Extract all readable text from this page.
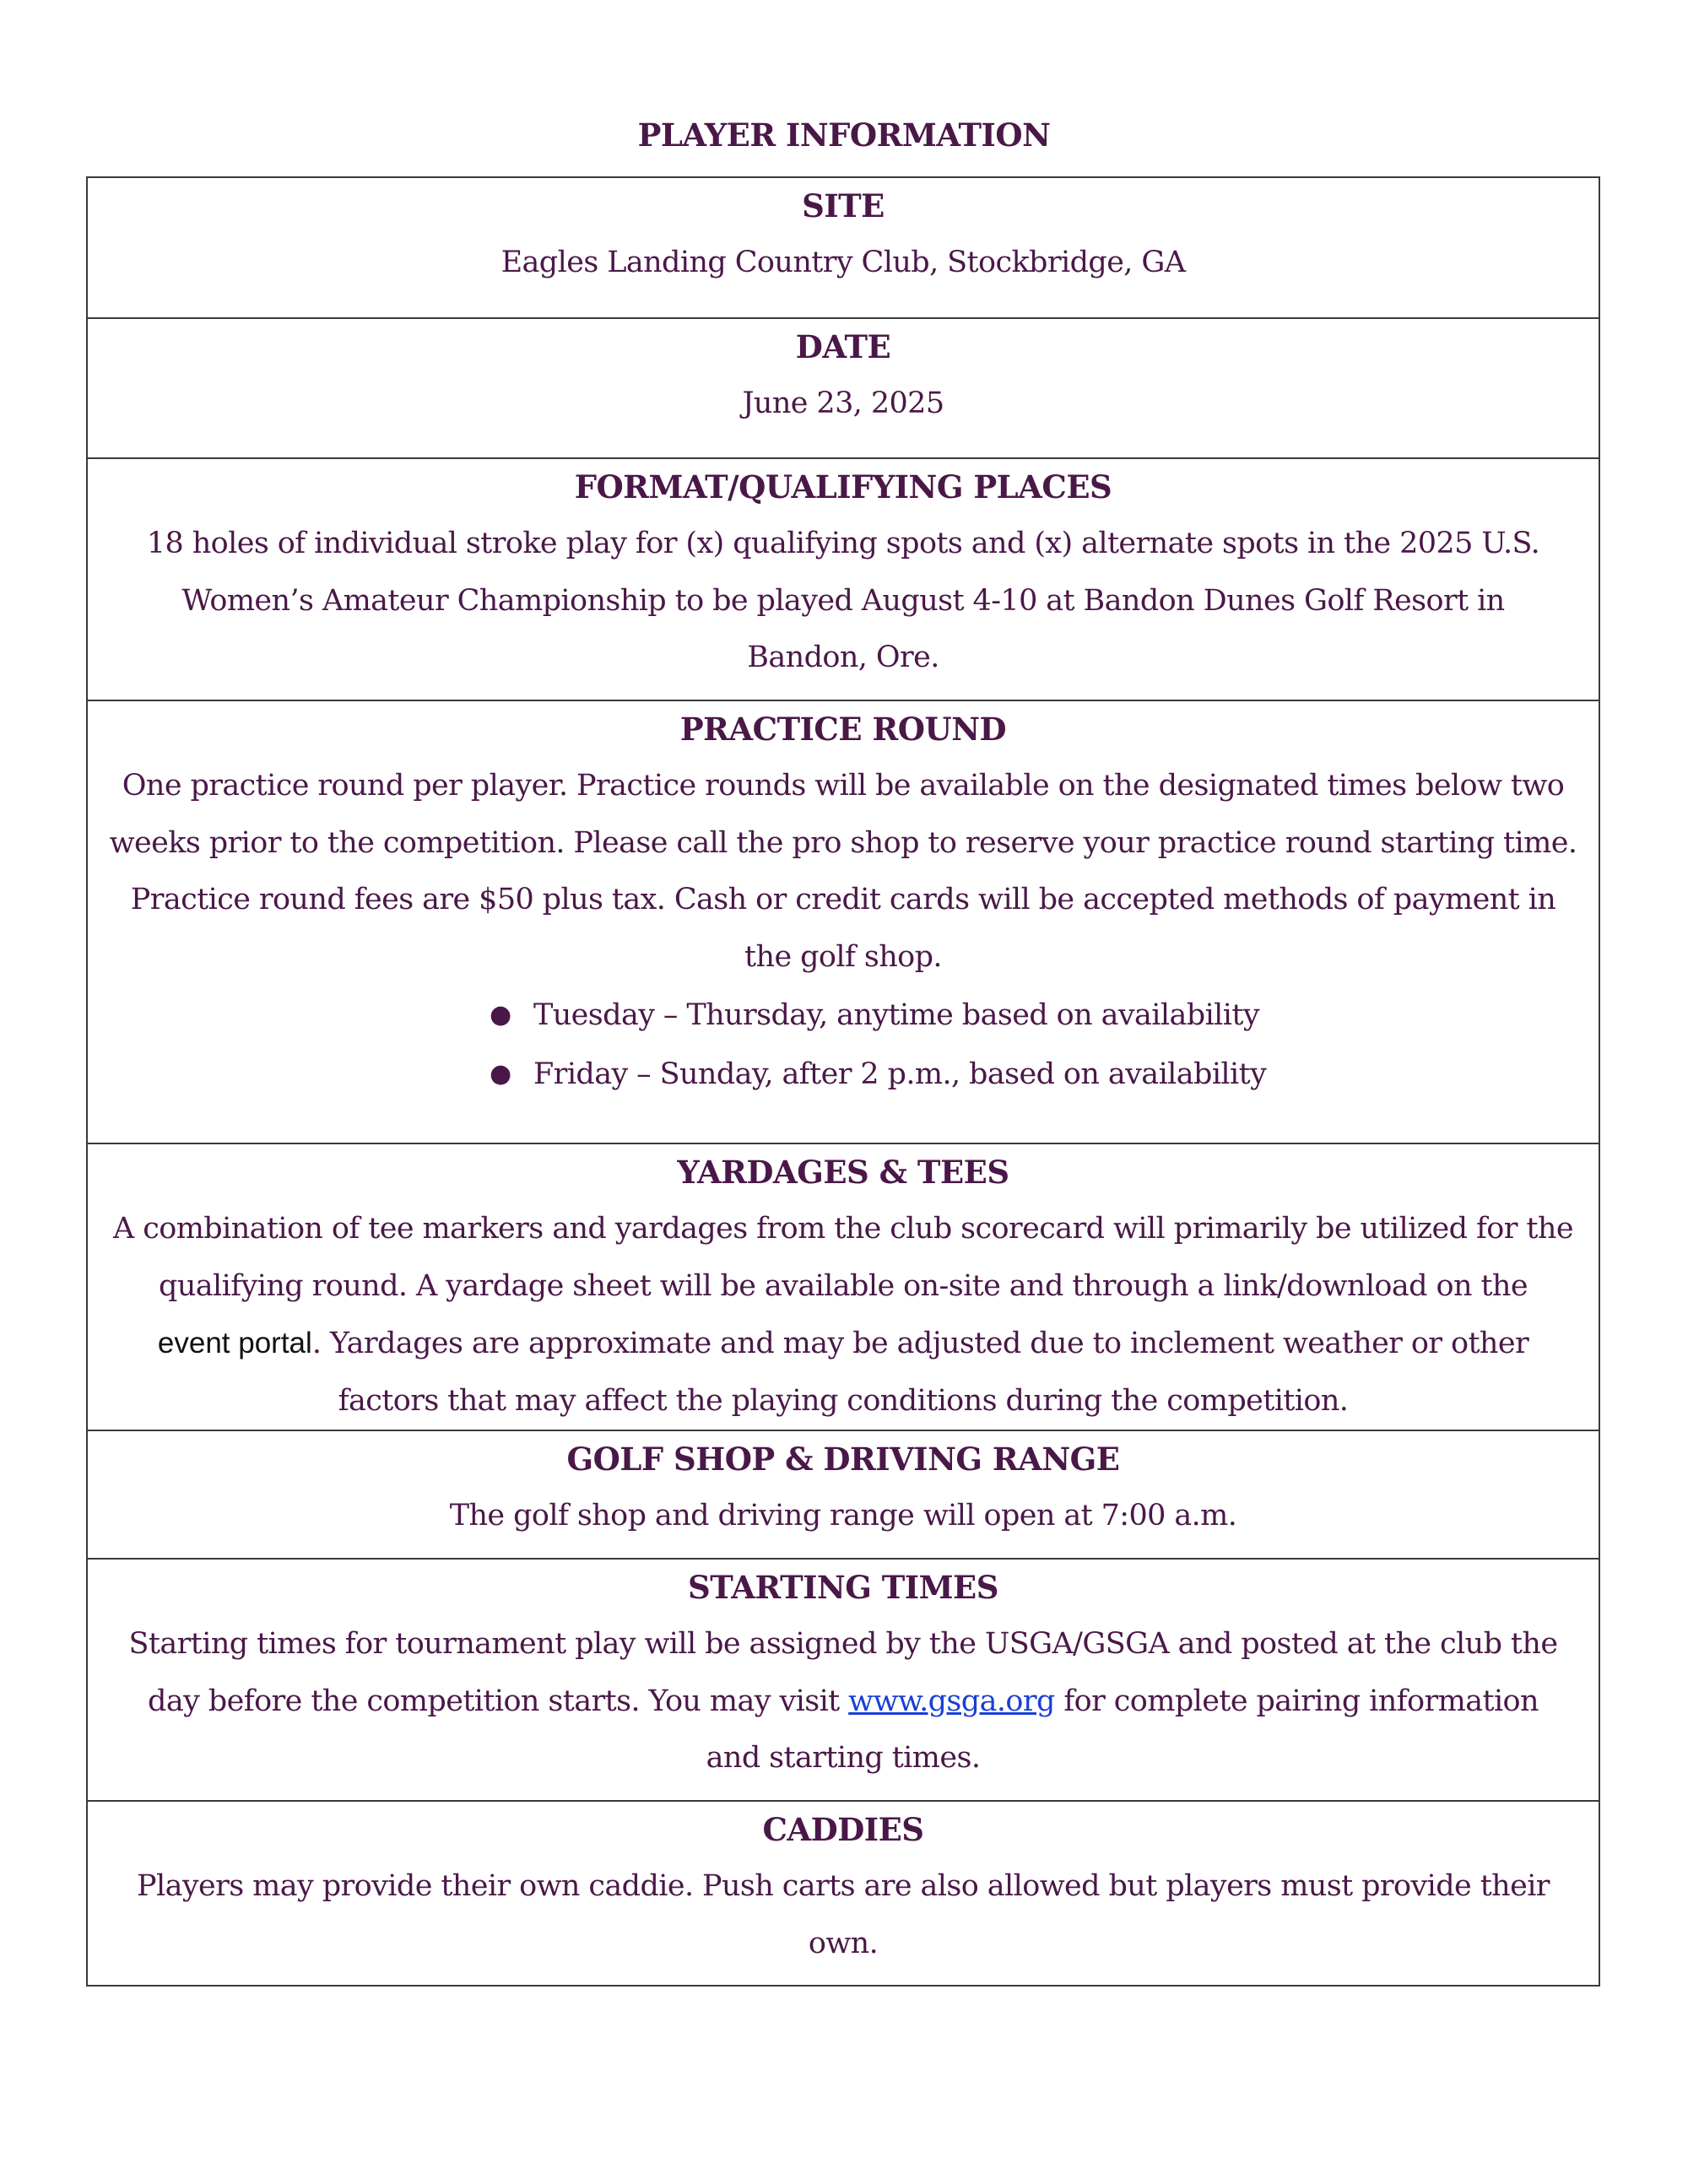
PLAYER INFORMATION
SITE
Eagles Landing Country Club, Stockbridge, GA

DATE
June 23, 2025

FORMAT/QUALIFYING PLACES
18 holes of individual stroke play for (x) qualifying spots and (x) alternate spots in the 2025 U.S.
Women’s Amateur Championship to be played August 4-10 at Bandon Dunes Golf Resort in
Bandon, Ore.

PRACTICE ROUND
One practice round per player. Practice rounds will be available on the designated times below two
weeks prior to the competition. Please call the pro shop to reserve your practice round starting time.
Practice round fees are $50 plus tax. Cash or credit cards will be accepted methods of payment in
the golf shop.
● Tuesday – Thursday, anytime based on availability
● Friday – Sunday, after 2 p.m., based on availability

YARDAGES & TEES
A combination of tee markers and yardages from the club scorecard will primarily be utilized for the
qualifying round. A yardage sheet will be available on-site and through a link/download on the
event portal. Yardages are approximate and may be adjusted due to inclement weather or other
factors that may affect the playing conditions during the competition.

GOLF SHOP & DRIVING RANGE
The golf shop and driving range will open at 7:00 a.m.

STARTING TIMES
Starting times for tournament play will be assigned by the USGA/GSGA and posted at the club the
day before the competition starts. You may visit www.gsga.org for complete pairing information
and starting times.

CADDIES
Players may provide their own caddie. Push carts are also allowed but players must provide their
own.
